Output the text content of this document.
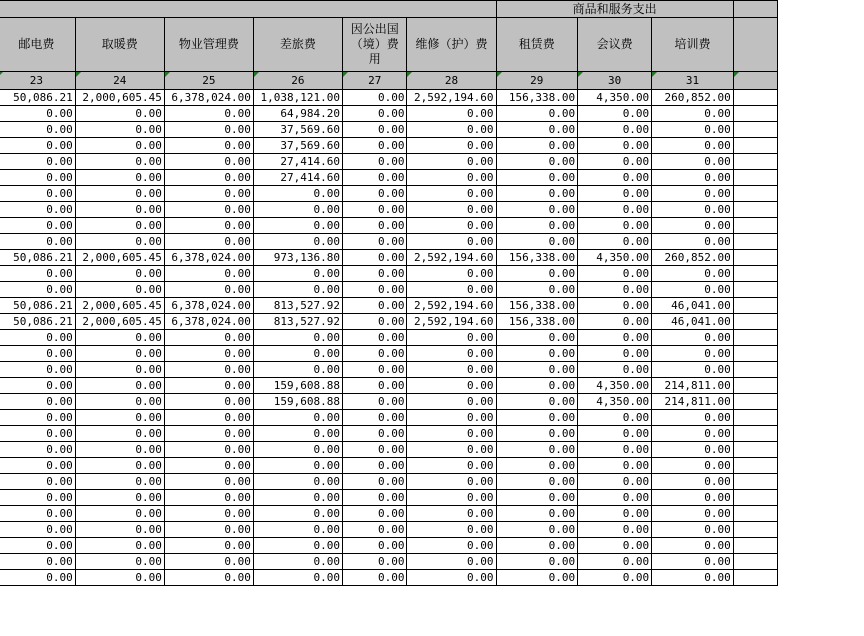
							商品和服务支出			
	邮电费	取暖费	物业管理费	差旅费	因公出国（境）费用	维修（护）费	租赁费	会议费	培训费	
	23	24	25	26	27	28	29	30	31	
	50,086.21	2,000,605.45	6,378,024.00	1,038,121.00	0.00	2,592,194.60	156,338.00	4,350.00	260,852.00	
	0.00	0.00	0.00	64,984.20	0.00	0.00	0.00	0.00	0.00	
	0.00	0.00	0.00	37,569.60	0.00	0.00	0.00	0.00	0.00	
	0.00	0.00	0.00	37,569.60	0.00	0.00	0.00	0.00	0.00	
	0.00	0.00	0.00	27,414.60	0.00	0.00	0.00	0.00	0.00	
	0.00	0.00	0.00	27,414.60	0.00	0.00	0.00	0.00	0.00	
	0.00	0.00	0.00	0.00	0.00	0.00	0.00	0.00	0.00	
	0.00	0.00	0.00	0.00	0.00	0.00	0.00	0.00	0.00	
	0.00	0.00	0.00	0.00	0.00	0.00	0.00	0.00	0.00	
	0.00	0.00	0.00	0.00	0.00	0.00	0.00	0.00	0.00	
	50,086.21	2,000,605.45	6,378,024.00	973,136.80	0.00	2,592,194.60	156,338.00	4,350.00	260,852.00	
	0.00	0.00	0.00	0.00	0.00	0.00	0.00	0.00	0.00	
	0.00	0.00	0.00	0.00	0.00	0.00	0.00	0.00	0.00	
	50,086.21	2,000,605.45	6,378,024.00	813,527.92	0.00	2,592,194.60	156,338.00	0.00	46,041.00	
	50,086.21	2,000,605.45	6,378,024.00	813,527.92	0.00	2,592,194.60	156,338.00	0.00	46,041.00	
	0.00	0.00	0.00	0.00	0.00	0.00	0.00	0.00	0.00	
	0.00	0.00	0.00	0.00	0.00	0.00	0.00	0.00	0.00	
	0.00	0.00	0.00	0.00	0.00	0.00	0.00	0.00	0.00	
	0.00	0.00	0.00	159,608.88	0.00	0.00	0.00	4,350.00	214,811.00	
	0.00	0.00	0.00	159,608.88	0.00	0.00	0.00	4,350.00	214,811.00	
	0.00	0.00	0.00	0.00	0.00	0.00	0.00	0.00	0.00	
	0.00	0.00	0.00	0.00	0.00	0.00	0.00	0.00	0.00	
	0.00	0.00	0.00	0.00	0.00	0.00	0.00	0.00	0.00	
	0.00	0.00	0.00	0.00	0.00	0.00	0.00	0.00	0.00	
	0.00	0.00	0.00	0.00	0.00	0.00	0.00	0.00	0.00	
	0.00	0.00	0.00	0.00	0.00	0.00	0.00	0.00	0.00	
	0.00	0.00	0.00	0.00	0.00	0.00	0.00	0.00	0.00	
	0.00	0.00	0.00	0.00	0.00	0.00	0.00	0.00	0.00	
	0.00	0.00	0.00	0.00	0.00	0.00	0.00	0.00	0.00	
	0.00	0.00	0.00	0.00	0.00	0.00	0.00	0.00	0.00	
	0.00	0.00	0.00	0.00	0.00	0.00	0.00	0.00	0.00	
